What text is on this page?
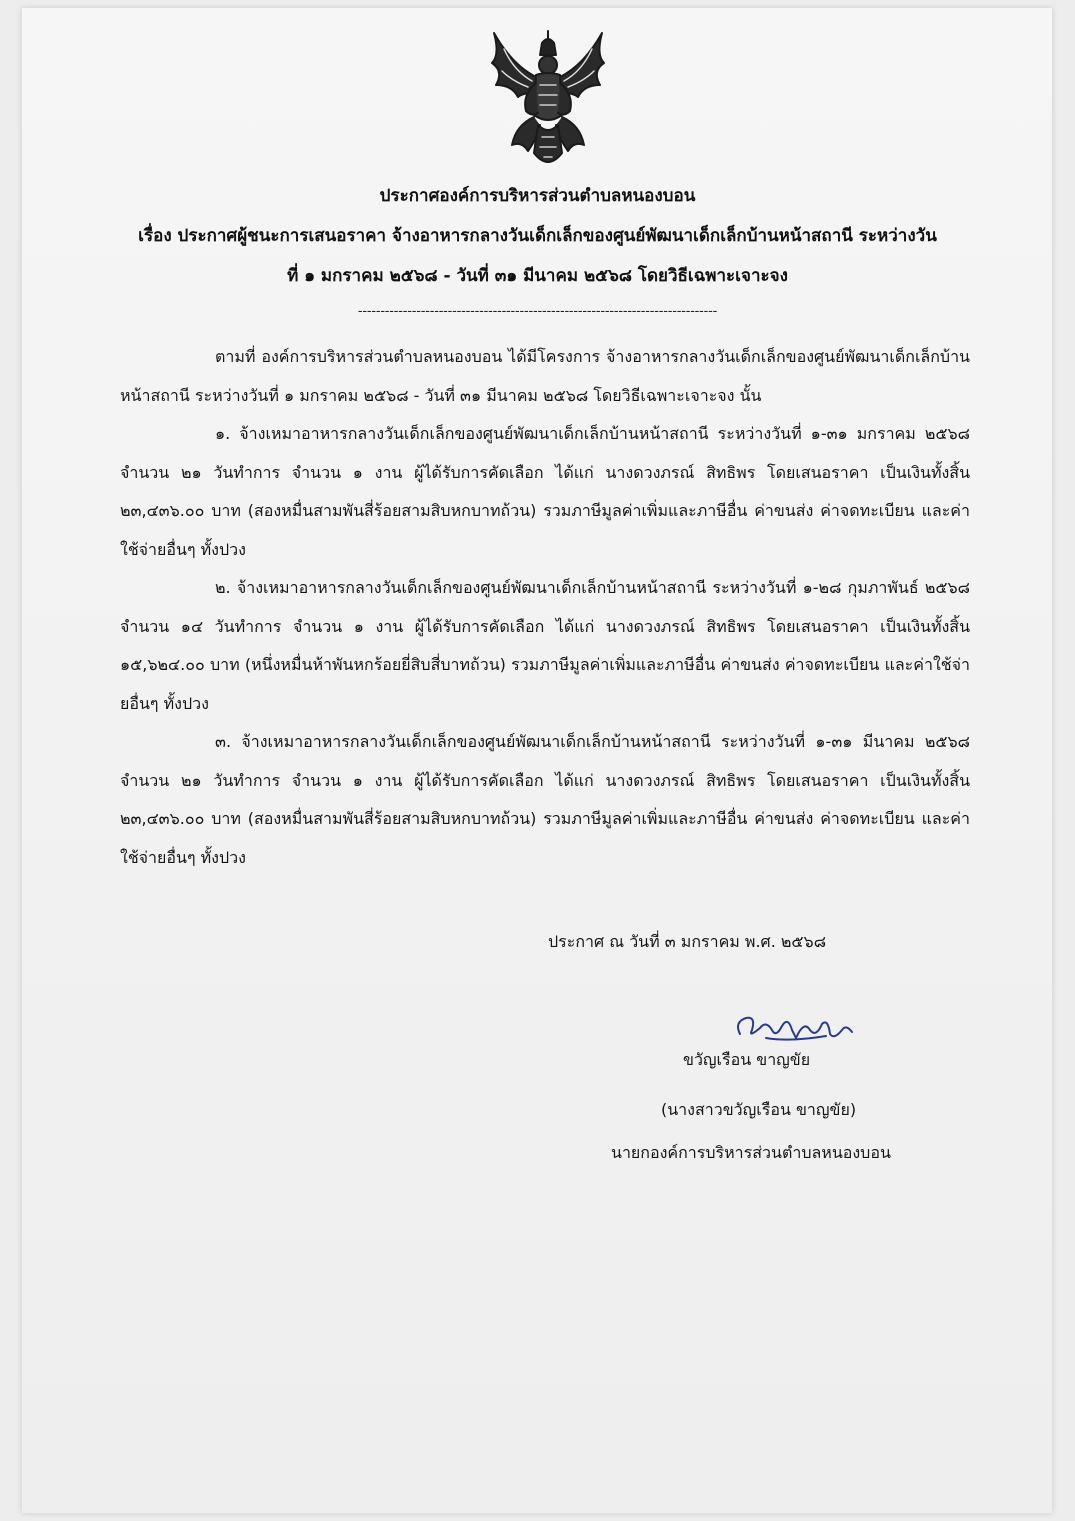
ประกาศองค์การบริหารส่วนตำบลหนองบอน
เรื่อง ประกาศผู้ชนะการเสนอราคา จ้างอาหารกลางวันเด็กเล็กของศูนย์พัฒนาเด็กเล็กบ้านหน้าสถานี ระหว่างวัน
ที่ ๑ มกราคม ๒๕๖๘ - วันที่ ๓๑ มีนาคม ๒๕๖๘ โดยวิธีเฉพาะเจาะจง
--------------------------------------------------------------------------------

ตามที่ องค์การบริหารส่วนตำบลหนองบอน ได้มีโครงการ จ้างอาหารกลางวันเด็กเล็กของศูนย์พัฒนาเด็กเล็กบ้านหน้าสถานี ระหว่างวันที่ ๑ มกราคม ๒๕๖๘ - วันที่ ๓๑ มีนาคม ๒๕๖๘ โดยวิธีเฉพาะเจาะจง นั้น

๑. จ้างเหมาอาหารกลางวันเด็กเล็กของศูนย์พัฒนาเด็กเล็กบ้านหน้าสถานี ระหว่างวันที่ ๑-๓๑ มกราคม ๒๕๖๘ จำนวน ๒๑ วันทำการ จำนวน ๑ งาน ผู้ได้รับการคัดเลือก ได้แก่ นางดวงภรณ์ สิทธิพร โดยเสนอราคา เป็นเงินทั้งสิ้น ๒๓,๔๓๖.๐๐ บาท (สองหมื่นสามพันสี่ร้อยสามสิบหกบาทถ้วน) รวมภาษีมูลค่าเพิ่มและภาษีอื่น ค่าขนส่ง ค่าจดทะเบียน และค่าใช้จ่ายอื่นๆ ทั้งปวง

๒. จ้างเหมาอาหารกลางวันเด็กเล็กของศูนย์พัฒนาเด็กเล็กบ้านหน้าสถานี ระหว่างวันที่ ๑-๒๘ กุมภาพันธ์ ๒๕๖๘ จำนวน ๑๔ วันทำการ จำนวน ๑ งาน ผู้ได้รับการคัดเลือก ได้แก่ นางดวงภรณ์ สิทธิพร โดยเสนอราคา เป็นเงินทั้งสิ้น ๑๕,๖๒๔.๐๐ บาท (หนึ่งหมื่นห้าพันหกร้อยยี่สิบสี่บาทถ้วน) รวมภาษีมูลค่าเพิ่มและภาษีอื่น ค่าขนส่ง ค่าจดทะเบียน และค่าใช้จ่ายอื่นๆ ทั้งปวง

๓. จ้างเหมาอาหารกลางวันเด็กเล็กของศูนย์พัฒนาเด็กเล็กบ้านหน้าสถานี ระหว่างวันที่ ๑-๓๑ มีนาคม ๒๕๖๘ จำนวน ๒๑ วันทำการ จำนวน ๑ งาน ผู้ได้รับการคัดเลือก ได้แก่ นางดวงภรณ์ สิทธิพร โดยเสนอราคา เป็นเงินทั้งสิ้น ๒๓,๔๓๖.๐๐ บาท (สองหมื่นสามพันสี่ร้อยสามสิบหกบาทถ้วน) รวมภาษีมูลค่าเพิ่มและภาษีอื่น ค่าขนส่ง ค่าจดทะเบียน และค่าใช้จ่ายอื่นๆ ทั้งปวง

ประกาศ ณ วันที่ ๓ มกราคม พ.ศ. ๒๕๖๘
ขวัญเรือน ขาญขัย
(นางสาวขวัญเรือน ขาญขัย)
นายกองค์การบริหารส่วนตำบลหนองบอน
